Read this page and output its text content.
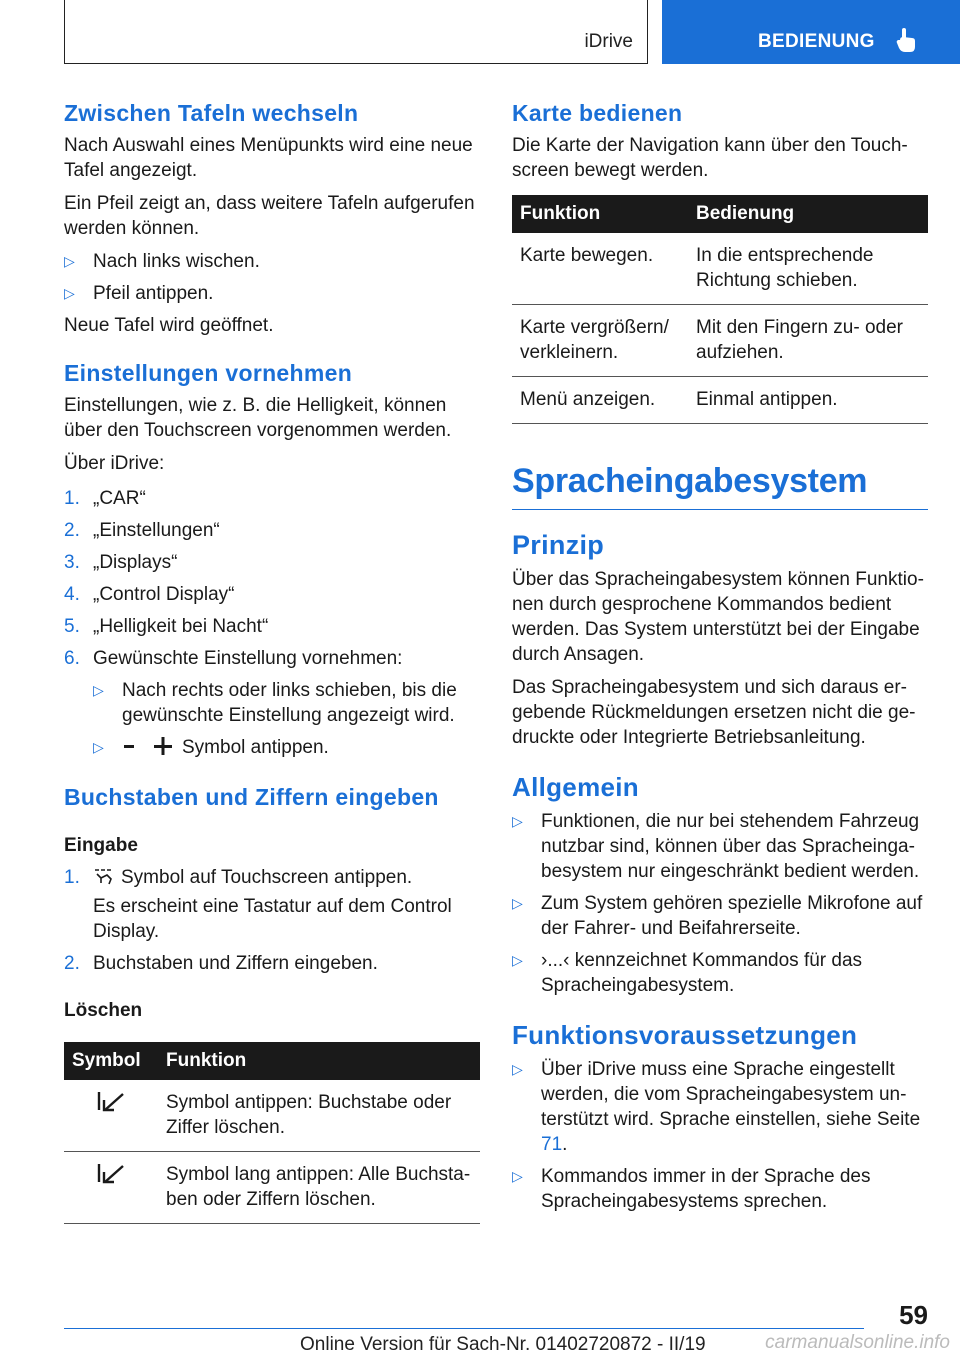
iDrive	BEDIENUNG
Zwischen Tafeln wechseln

Nach Auswahl eines Menüpunkts wird eine neue Tafel angezeigt.

Ein Pfeil zeigt an, dass weitere Tafeln aufgerufen werden können.

▷ Nach links wischen.
▷ Pfeil antippen.

Neue Tafel wird geöffnet.

Einstellungen vornehmen

Einstellungen, wie z. B. die Helligkeit, können über den Touchscreen vorgenommen werden.

Über iDrive:

1. „CAR“
2. „Einstellungen“
3. „Displays“
4. „Control Display“
5. „Helligkeit bei Nacht“
6. Gewünschte Einstellung vornehmen:
▷ Nach rechts oder links schieben, bis die gewünschte Einstellung angezeigt wird.
▷	Symbol antippen.
Buchstaben und Ziffern eingeben
Eingabe
1. Symbol auf Touchscreen antippen.
Es erscheint eine Tastatur auf dem Control Display.
2. Buchstaben und Ziffern eingeben.
Löschen
Symbol	Funktion
	Symbol antippen: Buchstabe oder Ziffer löschen.
	Symbol lang antippen: Alle Buchstaben oder Ziffern löschen.
Karte bedienen

Die Karte der Navigation kann über den Touchscreen bewegt werden.

Funktion	Bedienung
Karte bewegen.	In die entsprechende Richtung schieben.
Karte vergrößern/ verkleinern.	Mit den Fingern zu- oder aufziehen.
Menü anzeigen.	Einmal antippen.
Spracheingabesystem
Prinzip

Über das Spracheingabesystem können Funktionen durch gesprochene Kommandos bedient werden. Das System unterstützt bei der Eingabe durch Ansagen.

Das Spracheingabesystem und sich daraus ergebende Rückmeldungen ersetzen nicht die gedruckte oder Integrierte Betriebsanleitung.

Allgemein
▷ Funktionen, die nur bei stehendem Fahrzeug nutzbar sind, können über das Spracheingabesystem nur eingeschränkt bedient werden.
▷ Zum System gehören spezielle Mikrofone auf der Fahrer- und Beifahrerseite.
▷ ›...‹ kennzeichnet Kommandos für das Spracheingabesystem.
Funktionsvoraussetzungen
▷ Über iDrive muss eine Sprache eingestellt werden, die vom Spracheingabesystem unterstützt wird. Sprache einstellen, siehe Seite 71.
▷ Kommandos immer in der Sprache des Spracheingabesystems sprechen.
59
Online Version für Sach-Nr. 01402720872 - II/19	carmanualsonline.info
